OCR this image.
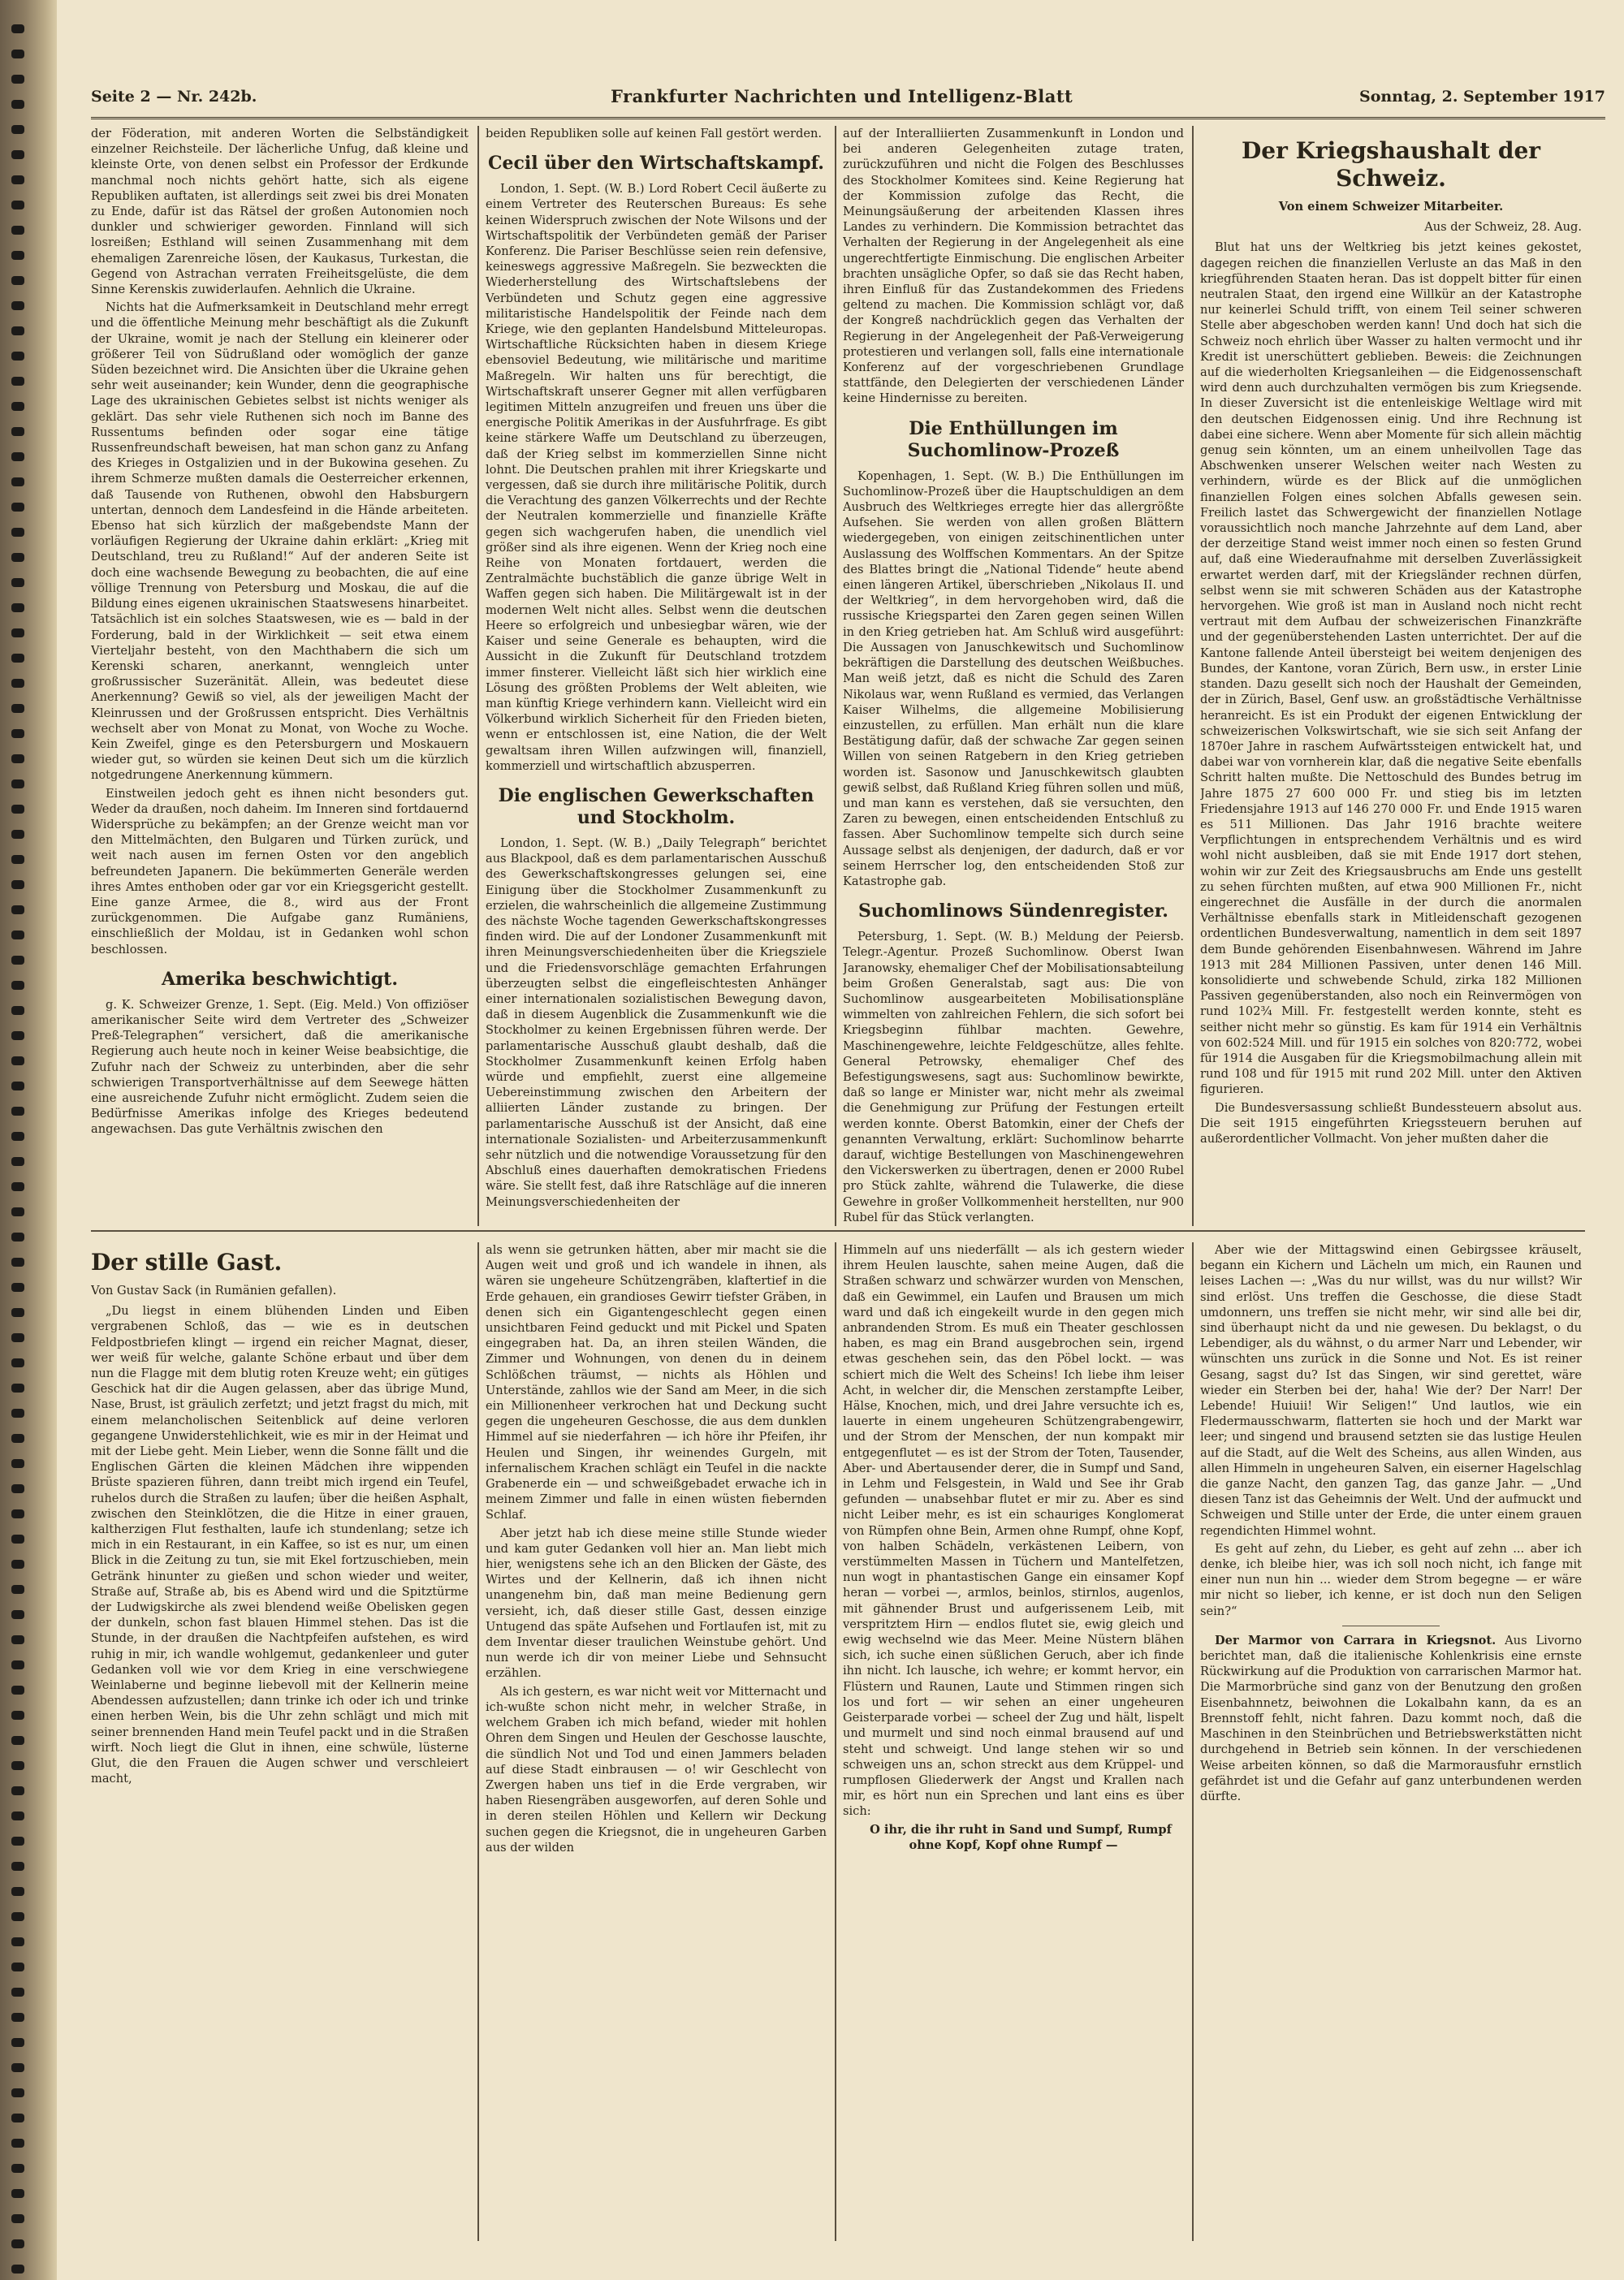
Seite 2 — Nr. 242b.	Frankfurter Nachrichten und Intelligenz-Blatt	Sonntag, 2. September 1917

der Föderation, mit anderen Worten die Selbständigkeit einzelner Reichsteile. Der lächerliche Unfug, daß kleine und kleinste Orte, von denen selbst ein Professor der Erdkunde manchmal noch nichts gehört hatte, sich als eigene Republiken auftaten, ist allerdings seit zwei bis drei Monaten zu Ende, dafür ist das Rätsel der großen Autonomien noch dunkler und schwieriger geworden. Finnland will sich losreißen; Esthland will seinen Zusammenhang mit dem ehemaligen Zarenreiche lösen, der Kaukasus, Turkestan, die Gegend von Astrachan verraten Freiheitsgelüste, die dem Sinne Kerenskis zuwiderlaufen. Aehnlich die Ukraine.

Nichts hat die Aufmerksamkeit in Deutschland mehr erregt und die öffentliche Meinung mehr beschäftigt als die Zukunft der Ukraine, womit je nach der Stellung ein kleinerer oder größerer Teil von Südrußland oder womöglich der ganze Süden bezeichnet wird. Die Ansichten über die Ukraine gehen sehr weit auseinander; kein Wunder, denn die geographische Lage des ukrainischen Gebietes selbst ist nichts weniger als geklärt. Das sehr viele Ruthenen sich noch im Banne des Russentums befinden oder sogar eine tätige Russenfreundschaft beweisen, hat man schon ganz zu Anfang des Krieges in Ostgalizien und in der Bukowina gesehen. Zu ihrem Schmerze mußten damals die Oesterreicher erkennen, daß Tausende von Ruthenen, obwohl den Habsburgern untertan, dennoch dem Landesfeind in die Hände arbeiteten. Ebenso hat sich kürzlich der maßgebendste Mann der vorläufigen Regierung der Ukraine dahin erklärt: „Krieg mit Deutschland, treu zu Rußland!“ Auf der anderen Seite ist doch eine wachsende Bewegung zu beobachten, die auf eine völlige Trennung von Petersburg und Moskau, die auf die Bildung eines eigenen ukrainischen Staatswesens hinarbeitet. Tatsächlich ist ein solches Staatswesen, wie es — bald in der Forderung, bald in der Wirklichkeit — seit etwa einem Vierteljahr besteht, von den Machthabern die sich um Kerenski scharen, anerkannt, wenngleich unter großrussischer Suzeränität. Allein, was bedeutet diese Anerkennung? Gewiß so viel, als der jeweiligen Macht der Kleinrussen und der Großrussen entspricht. Dies Verhältnis wechselt aber von Monat zu Monat, von Woche zu Woche. Kein Zweifel, ginge es den Petersburgern und Moskauern wieder gut, so würden sie keinen Deut sich um die kürzlich notgedrungene Anerkennung kümmern.

Einstweilen jedoch geht es ihnen nicht besonders gut. Weder da draußen, noch daheim. Im Inneren sind fortdauernd Widersprüche zu bekämpfen; an der Grenze weicht man vor den Mittelmächten, den Bulgaren und Türken zurück, und weit nach ausen im fernen Osten vor den angeblich befreundeten Japanern. Die bekümmerten Generäle werden ihres Amtes enthoben oder gar vor ein Kriegsgericht gestellt. Eine ganze Armee, die 8., wird aus der Front zurückgenommen. Die Aufgabe ganz Rumäniens, einschließlich der Moldau, ist in Gedanken wohl schon beschlossen.

Amerika beschwichtigt.

g. K. Schweizer Grenze, 1. Sept. (Eig. Meld.) Von offiziöser amerikanischer Seite wird dem Vertreter des „Schweizer Preß-Telegraphen“ versichert, daß die amerikanische Regierung auch heute noch in keiner Weise beabsichtige, die Zufuhr nach der Schweiz zu unterbinden, aber die sehr schwierigen Transportverhältnisse auf dem Seewege hätten eine ausreichende Zufuhr nicht ermöglicht. Zudem seien die Bedürfnisse Amerikas infolge des Krieges bedeutend angewachsen. Das gute Verhältnis zwischen den

beiden Republiken solle auf keinen Fall gestört werden.

Cecil über den Wirtschaftskampf.

London, 1. Sept. (W. B.) Lord Robert Cecil äußerte zu einem Vertreter des Reuterschen Bureaus: Es sehe keinen Widerspruch zwischen der Note Wilsons und der Wirtschaftspolitik der Verbündeten gemäß der Pariser Konferenz. Die Pariser Beschlüsse seien rein defensive, keineswegs aggressive Maßregeln. Sie bezweckten die Wiederherstellung des Wirtschaftslebens der Verbündeten und Schutz gegen eine aggressive militaristische Handelspolitik der Feinde nach dem Kriege, wie den geplanten Handelsbund Mitteleuropas. Wirtschaftliche Rücksichten haben in diesem Kriege ebensoviel Bedeutung, wie militärische und maritime Maßregeln. Wir halten uns für berechtigt, die Wirtschaftskraft unserer Gegner mit allen verfügbaren legitimen Mitteln anzugreifen und freuen uns über die energische Politik Amerikas in der Ausfuhrfrage. Es gibt keine stärkere Waffe um Deutschland zu überzeugen, daß der Krieg selbst im kommerziellen Sinne nicht lohnt. Die Deutschen prahlen mit ihrer Kriegskarte und vergessen, daß sie durch ihre militärische Politik, durch die Verachtung des ganzen Völkerrechts und der Rechte der Neutralen kommerzielle und finanzielle Kräfte gegen sich wachgerufen haben, die unendlich viel größer sind als ihre eigenen. Wenn der Krieg noch eine Reihe von Monaten fortdauert, werden die Zentralmächte buchstäblich die ganze übrige Welt in Waffen gegen sich haben. Die Militärgewalt ist in der modernen Welt nicht alles. Selbst wenn die deutschen Heere so erfolgreich und unbesiegbar wären, wie der Kaiser und seine Generale es behaupten, wird die Aussicht in die Zukunft für Deutschland trotzdem immer finsterer. Vielleicht läßt sich hier wirklich eine Lösung des größten Problems der Welt ableiten, wie man künftig Kriege verhindern kann. Vielleicht wird ein Völkerbund wirklich Sicherheit für den Frieden bieten, wenn er entschlossen ist, eine Nation, die der Welt gewaltsam ihren Willen aufzwingen will, finanziell, kommerziell und wirtschaftlich abzusperren.

Die englischen Gewerkschaften und Stockholm.

London, 1. Sept. (W. B.) „Daily Telegraph“ berichtet aus Blackpool, daß es dem parlamentarischen Ausschuß des Gewerkschaftskongresses gelungen sei, eine Einigung über die Stockholmer Zusammenkunft zu erzielen, die wahrscheinlich die allgemeine Zustimmung des nächste Woche tagenden Gewerkschaftskongresses finden wird. Die auf der Londoner Zusammenkunft mit ihren Meinungsverschiedenheiten über die Kriegsziele und die Friedensvorschläge gemachten Erfahrungen überzeugten selbst die eingefleischtesten Anhänger einer internationalen sozialistischen Bewegung davon, daß in diesem Augenblick die Zusammenkunft wie die Stockholmer zu keinen Ergebnissen führen werde. Der parlamentarische Ausschuß glaubt deshalb, daß die Stockholmer Zusammenkunft keinen Erfolg haben würde und empfiehlt, zuerst eine allgemeine Uebereinstimmung zwischen den Arbeitern der alliierten Länder zustande zu bringen. Der parlamentarische Ausschuß ist der Ansicht, daß eine internationale Sozialisten- und Arbeiterzusammenkunft sehr nützlich und die notwendige Voraussetzung für den Abschluß eines dauerhaften demokratischen Friedens wäre. Sie stellt fest, daß ihre Ratschläge auf die inneren Meinungsverschiedenheiten der

auf der Interalliierten Zusammenkunft in London und bei anderen Gelegenheiten zutage traten, zurückzuführen und nicht die Folgen des Beschlusses des Stockholmer Komitees sind. Keine Regierung hat der Kommission zufolge das Recht, die Meinungsäußerung der arbeitenden Klassen ihres Landes zu verhindern. Die Kommission betrachtet das Verhalten der Regierung in der Angelegenheit als eine ungerechtfertigte Einmischung. Die englischen Arbeiter brachten unsägliche Opfer, so daß sie das Recht haben, ihren Einfluß für das Zustandekommen des Friedens geltend zu machen. Die Kommission schlägt vor, daß der Kongreß nachdrücklich gegen das Verhalten der Regierung in der Angelegenheit der Paß-Verweigerung protestieren und verlangen soll, falls eine internationale Konferenz auf der vorgeschriebenen Grundlage stattfände, den Delegierten der verschiedenen Länder keine Hindernisse zu bereiten.

Die Enthüllungen im Suchomlinow-Prozeß

Kopenhagen, 1. Sept. (W. B.) Die Enthüllungen im Suchomlinow-Prozeß über die Hauptschuldigen an dem Ausbruch des Weltkrieges erregte hier das allergrößte Aufsehen. Sie werden von allen großen Blättern wiedergegeben, von einigen zeitschinentlichen unter Auslassung des Wolffschen Kommentars. An der Spitze des Blattes bringt die „National Tidende“ heute abend einen längeren Artikel, überschrieben „Nikolaus II. und der Weltkrieg“, in dem hervorgehoben wird, daß die russische Kriegspartei den Zaren gegen seinen Willen in den Krieg getrieben hat. Am Schluß wird ausgeführt: Die Aussagen von Januschkewitsch und Suchomlinow bekräftigen die Darstellung des deutschen Weißbuches. Man weiß jetzt, daß es nicht die Schuld des Zaren Nikolaus war, wenn Rußland es vermied, das Verlangen Kaiser Wilhelms, die allgemeine Mobilisierung einzustellen, zu erfüllen. Man erhält nun die klare Bestätigung dafür, daß der schwache Zar gegen seinen Willen von seinen Ratgebern in den Krieg getrieben worden ist. Sasonow und Januschkewitsch glaubten gewiß selbst, daß Rußland Krieg führen sollen und müß, und man kann es verstehen, daß sie versuchten, den Zaren zu bewegen, einen entscheidenden Entschluß zu fassen. Aber Suchomlinow tempelte sich durch seine Aussage selbst als denjenigen, der dadurch, daß er vor seinem Herrscher log, den entscheidenden Stoß zur Katastrophe gab.

Suchomlinows Sündenregister.

Petersburg, 1. Sept. (W. B.) Meldung der Peiersb. Telegr.-Agentur. Prozeß Suchomlinow. Oberst Iwan Jaranowsky, ehemaliger Chef der Mobilisationsabteilung beim Großen Generalstab, sagt aus: Die von Suchomlinow ausgearbeiteten Mobilisationspläne wimmelten von zahlreichen Fehlern, die sich sofort bei Kriegsbeginn fühlbar machten. Gewehre, Maschinengewehre, leichte Feldgeschütze, alles fehlte. General Petrowsky, ehemaliger Chef des Befestigungswesens, sagt aus: Suchomlinow bewirkte, daß so lange er Minister war, nicht mehr als zweimal die Genehmigung zur Prüfung der Festungen erteilt werden konnte. Oberst Batomkin, einer der Chefs der genannten Verwaltung, erklärt: Suchomlinow beharrte darauf, wichtige Bestellungen von Maschinengewehren den Vickerswerken zu übertragen, denen er 2000 Rubel pro Stück zahlte, während die Tulawerke, die diese Gewehre in großer Vollkommenheit herstellten, nur 900 Rubel für das Stück verlangten.

Der Kriegshaushalt der Schweiz.
Von einem Schweizer Mitarbeiter.
Aus der Schweiz, 28. Aug.

Blut hat uns der Weltkrieg bis jetzt keines gekostet, dagegen reichen die finanziellen Verluste an das Maß in den kriegführenden Staaten heran. Das ist doppelt bitter für einen neutralen Staat, den irgend eine Willkür an der Katastrophe nur keinerlei Schuld trifft, von einem Teil seiner schweren Stelle aber abgeschoben werden kann! Und doch hat sich die Schweiz noch ehrlich über Wasser zu halten vermocht und ihr Kredit ist unerschüttert geblieben. Beweis: die Zeichnungen auf die wiederholten Kriegsanleihen — die Eidgenossenschaft wird denn auch durchzuhalten vermögen bis zum Kriegsende. In dieser Zuversicht ist die entenleiskige Weltlage wird mit den deutschen Eidgenossen einig. Und ihre Rechnung ist dabei eine sichere. Wenn aber Momente für sich allein mächtig genug sein könnten, um an einem unheilvollen Tage das Abschwenken unserer Welschen weiter nach Westen zu verhindern, würde es der Blick auf die unmöglichen finanziellen Folgen eines solchen Abfalls gewesen sein. Freilich lastet das Schwergewicht der finanziellen Notlage voraussichtlich noch manche Jahrzehnte auf dem Land, aber der derzeitige Stand weist immer noch einen so festen Grund auf, daß eine Wiederaufnahme mit derselben Zuverlässigkeit erwartet werden darf, mit der Kriegsländer rechnen dürfen, selbst wenn sie mit schweren Schäden aus der Katastrophe hervorgehen. Wie groß ist man in Ausland noch nicht recht vertraut mit dem Aufbau der schweizerischen Finanzkräfte und der gegenüberstehenden Lasten unterrichtet. Der auf die Kantone fallende Anteil übersteigt bei weitem denjenigen des Bundes, der Kantone, voran Zürich, Bern usw., in erster Linie standen. Dazu gesellt sich noch der Haushalt der Gemeinden, der in Zürich, Basel, Genf usw. an großstädtische Verhältnisse heranreicht. Es ist ein Produkt der eigenen Entwicklung der schweizerischen Volkswirtschaft, wie sie sich seit Anfang der 1870er Jahre in raschem Aufwärtssteigen entwickelt hat, und dabei war von vornherein klar, daß die negative Seite ebenfalls Schritt halten mußte. Die Nettoschuld des Bundes betrug im Jahre 1875 27 600 000 Fr. und stieg bis im letzten Friedensjahre 1913 auf 146 270 000 Fr. und Ende 1915 waren es 511 Millionen. Das Jahr 1916 brachte weitere Verpflichtungen in entsprechendem Verhältnis und es wird wohl nicht ausbleiben, daß sie mit Ende 1917 dort stehen, wohin wir zur Zeit des Kriegsausbruchs am Ende uns gestellt zu sehen fürchten mußten, auf etwa 900 Millionen Fr., nicht eingerechnet die Ausfälle in der durch die anormalen Verhältnisse ebenfalls stark in Mitleidenschaft gezogenen ordentlichen Bundesverwaltung, namentlich in dem seit 1897 dem Bunde gehörenden Eisenbahnwesen. Während im Jahre 1913 mit 284 Millionen Passiven, unter denen 146 Mill. konsolidierte und schwebende Schuld, zirka 182 Millionen Passiven gegenüberstanden, also noch ein Reinvermögen von rund 102¾ Mill. Fr. festgestellt werden konnte, steht es seither nicht mehr so günstig. Es kam für 1914 ein Verhältnis von 602:524 Mill. und für 1915 ein solches von 820:772, wobei für 1914 die Ausgaben für die Kriegsmobilmachung allein mit rund 108 und für 1915 mit rund 202 Mill. unter den Aktiven figurieren.

Die Bundesversassung schließt Bundessteuern absolut aus. Die seit 1915 eingeführten Kriegssteuern beruhen auf außerordentlicher Vollmacht. Von jeher mußten daher die

Der stille Gast.
Von Gustav Sack (in Rumänien gefallen).

„Du liegst in einem blühenden Linden und Eiben vergrabenen Schloß, das — wie es in deutschen Feldpostbriefen klingt — irgend ein reicher Magnat, dieser, wer weiß für welche, galante Schöne erbaut und über dem nun die Flagge mit dem blutig roten Kreuze weht; ein gütiges Geschick hat dir die Augen gelassen, aber das übrige Mund, Nase, Brust, ist gräulich zerfetzt; und jetzt fragst du mich, mit einem melancholischen Seitenblick auf deine verloren gegangene Unwiderstehlichkeit, wie es mir in der Heimat und mit der Liebe geht. Mein Lieber, wenn die Sonne fällt und die Englischen Gärten die kleinen Mädchen ihre wippenden Brüste spazieren führen, dann treibt mich irgend ein Teufel, ruhelos durch die Straßen zu laufen; über die heißen Asphalt, zwischen den Steinklötzen, die die Hitze in einer grauen, kaltherzigen Flut festhalten, laufe ich stundenlang; setze ich mich in ein Restaurant, in ein Kaffee, so ist es nur, um einen Blick in die Zeitung zu tun, sie mit Ekel fortzuschieben, mein Getränk hinunter zu gießen und schon wieder und weiter, Straße auf, Straße ab, bis es Abend wird und die Spitztürme der Ludwigskirche als zwei blendend weiße Obelisken gegen der dunkeln, schon fast blauen Himmel stehen. Das ist die Stunde, in der draußen die Nachtpfeifen aufstehen, es wird ruhig in mir, ich wandle wohlgemut, gedankenleer und guter Gedanken voll wie vor dem Krieg in eine verschwiegene Weinlaberne und beginne liebevoll mit der Kellnerin meine Abendessen aufzustellen; dann trinke ich oder ich und trinke einen herben Wein, bis die Uhr zehn schlägt und mich mit seiner brennenden Hand mein Teufel packt und in die Straßen wirft. Noch liegt die Glut in ihnen, eine schwüle, lüsterne Glut, die den Frauen die Augen schwer und verschleiert macht,

als wenn sie getrunken hätten, aber mir macht sie die Augen weit und groß und ich wandele in ihnen, als wären sie ungeheure Schützengräben, klaftertief in die Erde gehauen, ein grandioses Gewirr tiefster Gräben, in denen sich ein Gigantengeschlecht gegen einen unsichtbaren Feind geduckt und mit Pickel und Spaten eingegraben hat. Da, an ihren steilen Wänden, die Zimmer und Wohnungen, von denen du in deinem Schlößchen träumst, — nichts als Höhlen und Unterstände, zahllos wie der Sand am Meer, in die sich ein Millionenheer verkrochen hat und Deckung sucht gegen die ungeheuren Geschosse, die aus dem dunklen Himmel auf sie niederfahren — ich höre ihr Pfeifen, ihr Heulen und Singen, ihr weinendes Gurgeln, mit infernalischem Krachen schlägt ein Teufel in die nackte Grabenerde ein — und schweißgebadet erwache ich in meinem Zimmer und falle in einen wüsten fiebernden Schlaf.

Aber jetzt hab ich diese meine stille Stunde wieder und kam guter Gedanken voll hier an. Man liebt mich hier, wenigstens sehe ich an den Blicken der Gäste, des Wirtes und der Kellnerin, daß ich ihnen nicht unangenehm bin, daß man meine Bedienung gern versieht, ich, daß dieser stille Gast, dessen einzige Untugend das späte Aufsehen und Fortlaufen ist, mit zu dem Inventar dieser traulichen Weinstube gehört. Und nun werde ich dir von meiner Liebe und Sehnsucht erzählen.

Als ich gestern, es war nicht weit vor Mitternacht und ich-wußte schon nicht mehr, in welcher Straße, in welchem Graben ich mich befand, wieder mit hohlen Ohren dem Singen und Heulen der Geschosse lauschte, die sündlich Not und Tod und einen Jammers beladen auf diese Stadt einbrausen — o! wir Geschlecht von Zwergen haben uns tief in die Erde vergraben, wir haben Riesengräben ausgeworfen, auf deren Sohle und in deren steilen Höhlen und Kellern wir Deckung suchen gegen die Kriegsnot, die in ungeheuren Garben aus der wilden

Himmeln auf uns niederfällt — als ich gestern wieder ihrem Heulen lauschte, sahen meine Augen, daß die Straßen schwarz und schwärzer wurden von Menschen, daß ein Gewimmel, ein Laufen und Brausen um mich ward und daß ich eingekeilt wurde in den gegen mich anbrandenden Strom. Es muß ein Theater geschlossen haben, es mag ein Brand ausgebrochen sein, irgend etwas geschehen sein, das den Pöbel lockt. — was schiert mich die Welt des Scheins! Ich liebe ihm leiser Acht, in welcher dir, die Menschen zerstampfte Leiber, Hälse, Knochen, mich, und drei Jahre versuchte ich es, lauerte in einem ungeheuren Schützengrabengewirr, und der Strom der Menschen, der nun kompakt mir entgegenflutet — es ist der Strom der Toten, Tausender, Aber- und Abertausender derer, die in Sumpf und Sand, in Lehm und Felsgestein, in Wald und See ihr Grab gefunden — unabsehbar flutet er mir zu. Aber es sind nicht Leiber mehr, es ist ein schauriges Konglomerat von Rümpfen ohne Bein, Armen ohne Rumpf, ohne Kopf, von halben Schädeln, verkästenen Leibern, von verstümmelten Massen in Tüchern und Mantelfetzen, nun wogt in phantastischen Gange ein einsamer Kopf heran — vorbei —, armlos, beinlos, stirnlos, augenlos, mit gähnender Brust und aufgerissenem Leib, mit verspritztem Hirn — endlos flutet sie, ewig gleich und ewig wechselnd wie das Meer. Meine Nüstern blähen sich, ich suche einen süßlichen Geruch, aber ich finde ihn nicht. Ich lausche, ich wehre; er kommt hervor, ein Flüstern und Raunen, Laute und Stimmen ringen sich los und fort — wir sehen an einer ungeheuren Geisterparade vorbei — scheel der Zug und hält, lispelt und murmelt und sind noch einmal brausend auf und steht und schweigt. Und lange stehen wir so und schweigen uns an, schon streckt aus dem Krüppel- und rumpflosen Gliederwerk der Angst und Krallen nach mir, es hört nun ein Sprechen und lant eins es über sich:

O ihr, die ihr ruht in Sand und Sumpf, Rumpf ohne Kopf, Kopf ohne Rumpf —

Aber wie der Mittagswind einen Gebirgssee kräuselt, begann ein Kichern und Lächeln um mich, ein Raunen und leises Lachen —: „Was du nur willst, was du nur willst? Wir sind erlöst. Uns treffen die Geschosse, die diese Stadt umdonnern, uns treffen sie nicht mehr, wir sind alle bei dir, sind überhaupt nicht da und nie gewesen. Du beklagst, o du Lebendiger, als du wähnst, o du armer Narr und Lebender, wir wünschten uns zurück in die Sonne und Not. Es ist reiner Gesang, sagst du? Ist das Singen, wir sind gerettet, wäre wieder ein Sterben bei der, haha! Wie der? Der Narr! Der Lebende! Huiuii! Wir Seligen!“ Und lautlos, wie ein Fledermausschwarm, flatterten sie hoch und der Markt war leer; und singend und brausend setzten sie das lustige Heulen auf die Stadt, auf die Welt des Scheins, aus allen Winden, aus allen Himmeln in ungeheuren Salven, ein eiserner Hagelschlag die ganze Nacht, den ganzen Tag, das ganze Jahr. — „Und diesen Tanz ist das Geheimnis der Welt. Und der aufmuckt und Schweigen und Stille unter der Erde, die unter einem grauen regendichten Himmel wohnt.

Es geht auf zehn, du Lieber, es geht auf zehn ... aber ich denke, ich bleibe hier, was ich soll noch nicht, ich fange mit einer nun nun hin ... wieder dem Strom begegne — er wäre mir nicht so lieber, ich kenne, er ist doch nun den Seligen sein?“

Der Marmor von Carrara in Kriegsnot. Aus Livorno berichtet man, daß die italienische Kohlenkrisis eine ernste Rückwirkung auf die Produktion von carrarischen Marmor hat. Die Marmorbrüche sind ganz von der Benutzung den großen Eisenbahnnetz, beiwohnen die Lokalbahn kann, da es an Brennstoff fehlt, nicht fahren. Dazu kommt noch, daß die Maschinen in den Steinbrüchen und Betriebswerkstätten nicht durchgehend in Betrieb sein können. In der verschiedenen Weise arbeiten können, so daß die Marmorausfuhr ernstlich gefährdet ist und die Gefahr auf ganz unterbundenen werden dürfte.
